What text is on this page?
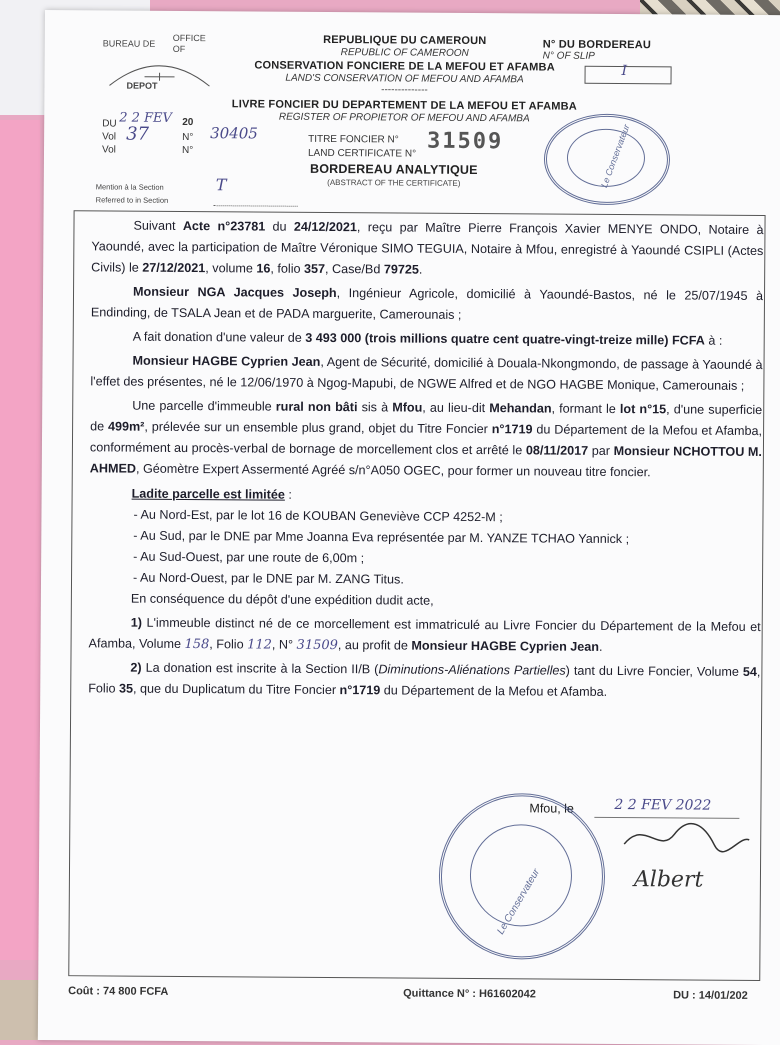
BUREAU DE
OFFICE
OF
DEPOT
REPUBLIQUE DU CAMEROUN
REPUBLIC OF CAMEROON
CONSERVATION FONCIERE DE LA MEFOU ET AFAMBA
LAND'S CONSERVATION OF MEFOU AND AFAMBA
--------------
LIVRE FONCIER DU DEPARTEMENT DE LA MEFOU ET AFAMBA
REGISTER OF PROPIETOR OF MEFOU AND AFAMBA
N° DU BORDEREAU
N° OF SLIP
I
DU 2 2 FEV 20
Vol 37	N° 30405
Vol	N°
TITRE FONCIER N°
LAND CERTIFICATE N° 31509
BORDEREAU ANALYTIQUE
(ABSTRACT OF THE CERTIFICATE)
Mention à la Section	T
Referred to in Section
Le Conservateur

Suivant Acte n°23781 du 24/12/2021, reçu par Maître Pierre François Xavier MENYE ONDO, Notaire à Yaoundé, avec la participation de Maître Véronique SIMO TEGUIA, Notaire à Mfou, enregistré à Yaoundé CSIPLI (Actes Civils) le 27/12/2021, volume 16, folio 357, Case/Bd 79725.

Monsieur NGA Jacques Joseph, Ingénieur Agricole, domicilié à Yaoundé-Bastos, né le 25/07/1945 à Endinding, de TSALA Jean et de PADA marguerite, Camerounais ;

A fait donation d'une valeur de 3 493 000 (trois millions quatre cent quatre-vingt-treize mille) FCFA à :

Monsieur HAGBE Cyprien Jean, Agent de Sécurité, domicilié à Douala-Nkongmondo, de passage à Yaoundé à l'effet des présentes, né le 12/06/1970 à Ngog-Mapubi, de NGWE Alfred et de NGO HAGBE Monique, Camerounais ;

Une parcelle d'immeuble rural non bâti sis à Mfou, au lieu-dit Mehandan, formant le lot n°15, d'une superficie de 499m², prélevée sur un ensemble plus grand, objet du Titre Foncier n°1719 du Département de la Mefou et Afamba, conformément au procès-verbal de bornage de morcellement clos et arrêté le 08/11/2017 par Monsieur NCHOTTOU M. AHMED, Géomètre Expert Assermenté Agréé s/n°A050 OGEC, pour former un nouveau titre foncier.

Ladite parcelle est limitée :

- Au Nord-Est, par le lot 16 de KOUBAN Geneviève CCP 4252-M ;

- Au Sud, par le DNE par Mme Joanna Eva représentée par M. YANZE TCHAO Yannick ;

- Au Sud-Ouest, par une route de 6,00m ;

- Au Nord-Ouest, par le DNE par M. ZANG Titus.

En conséquence du dépôt d'une expédition dudit acte,

1) L'immeuble distinct né de ce morcellement est immatriculé au Livre Foncier du Département de la Mefou et Afamba, Volume 158, Folio 112, N° 31509, au profit de Monsieur HAGBE Cyprien Jean.

2) La donation est inscrite à la Section II/B (Diminutions-Aliénations Partielles) tant du Livre Foncier, Volume 54, Folio 35, que du Duplicatum du Titre Foncier n°1719 du Département de la Mefou et Afamba.

Mfou, le	2 2 FEV 2022
Le Conservateur	Albert
Coût : 74 800 FCFA	Quittance N° : H61602042	DU : 14/01/202
